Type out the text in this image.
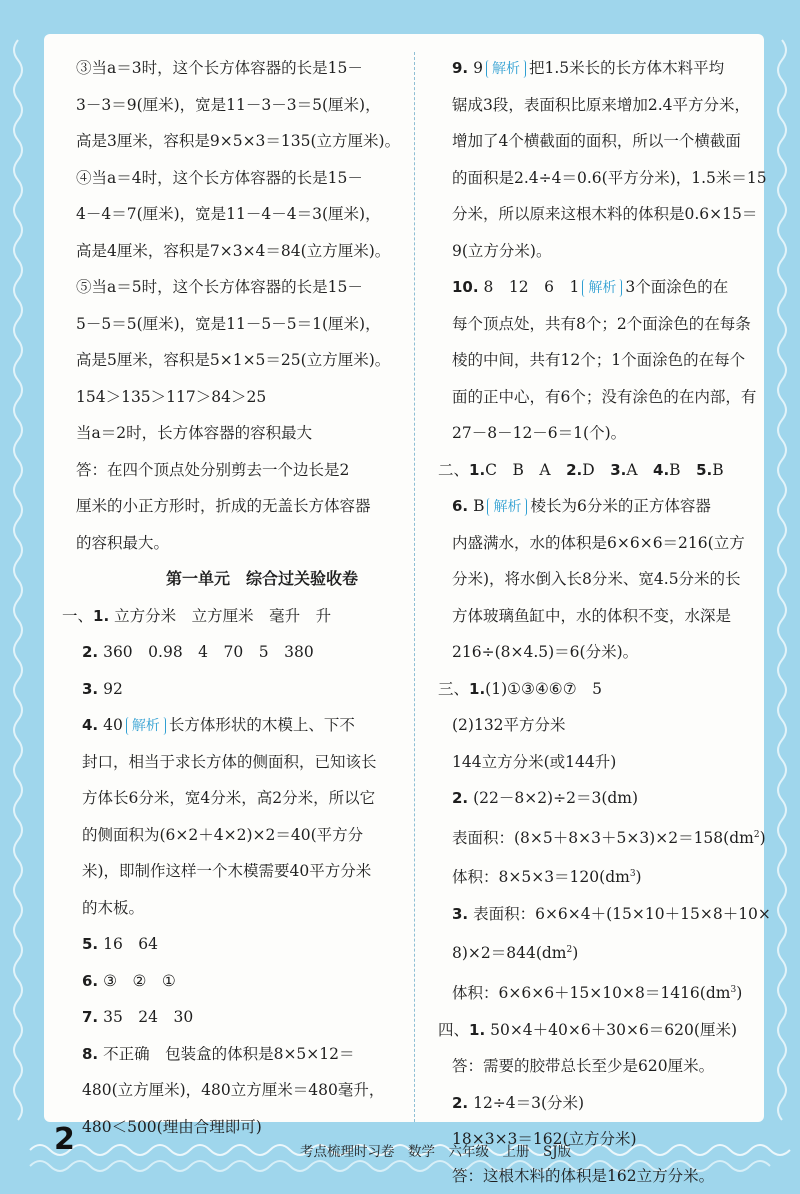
③当a＝3时，这个长方体容器的长是15－
3－3＝9(厘米)，宽是11－3－3＝5(厘米)，
高是3厘米，容积是9×5×3＝135(立方厘米)。
④当a＝4时，这个长方体容器的长是15－
4－4＝7(厘米)，宽是11－4－4＝3(厘米)，
高是4厘米，容积是7×3×4＝84(立方厘米)。
⑤当a＝5时，这个长方体容器的长是15－
5－5＝5(厘米)，宽是11－5－5＝1(厘米)，
高是5厘米，容积是5×1×5＝25(立方厘米)。
154＞135＞117＞84＞25
当a＝2时，长方体容器的容积最大
答：在四个顶点处分别剪去一个边长是2
厘米的小正方形时，折成的无盖长方体容器
的容积最大。
第一单元　综合过关验收卷
一、1. 立方分米　立方厘米　毫升　升
2. 360　0.98　4　70　5　380
3. 92
4. 40 解析 长方体形状的木模上、下不
封口，相当于求长方体的侧面积，已知该长
方体长6分米，宽4分米，高2分米，所以它
的侧面积为(6×2＋4×2)×2＝40(平方分
米)，即制作这样一个木模需要40平方分米
的木板。
5. 16　64
6. ③　②　①
7. 35　24　30
8. 不正确　包装盒的体积是8×5×12＝
480(立方厘米)，480立方厘米＝480毫升，
480＜500(理由合理即可)
9. 9 解析 把1.5米长的长方体木料平均
锯成3段，表面积比原来增加2.4平方分米，
增加了4个横截面的面积，所以一个横截面
的面积是2.4÷4＝0.6(平方分米)，1.5米＝15
分米，所以原来这根木料的体积是0.6×15＝
9(立方分米)。
10. 8　12　6　1 解析 3个面涂色的在
每个顶点处，共有8个；2个面涂色的在每条
棱的中间，共有12个；1个面涂色的在每个
面的正中心，有6个；没有涂色的在内部，有
27－8－12－6＝1(个)。
二、1.C　B　A　2.D　3.A　4.B　5.B
6. B 解析 棱长为6分米的正方体容器
内盛满水，水的体积是6×6×6＝216(立方
分米)，将水倒入长8分米、宽4.5分米的长
方体玻璃鱼缸中，水的体积不变，水深是
216÷(8×4.5)＝6(分米)。
三、1.(1)①③④⑥⑦　5
(2)132平方分米
144立方分米(或144升)
2. (22－8×2)÷2＝3(dm)
表面积：$(8\times 5+8\times 3+5\times 3)\times 2=158(dm^2)$
体积：$8\times 5\times 3=120(dm^3)$
3. 表面积：6×6×4＋(15×10＋15×8＋10×
$8)\times 2=844(dm^2)$
体积：$6\times 6\times 6+15\times 10\times 8=1416(dm^3)$
四、1. 50×4＋40×6＋30×6＝620(厘米)
答：需要的胶带总长至少是620厘米。
2. 12÷4＝3(分米)
18×3×3＝162(立方分米)
答：这根木料的体积是162立方分米。
2	考点梳理时习卷　数学　六年级　上册　SJ版
